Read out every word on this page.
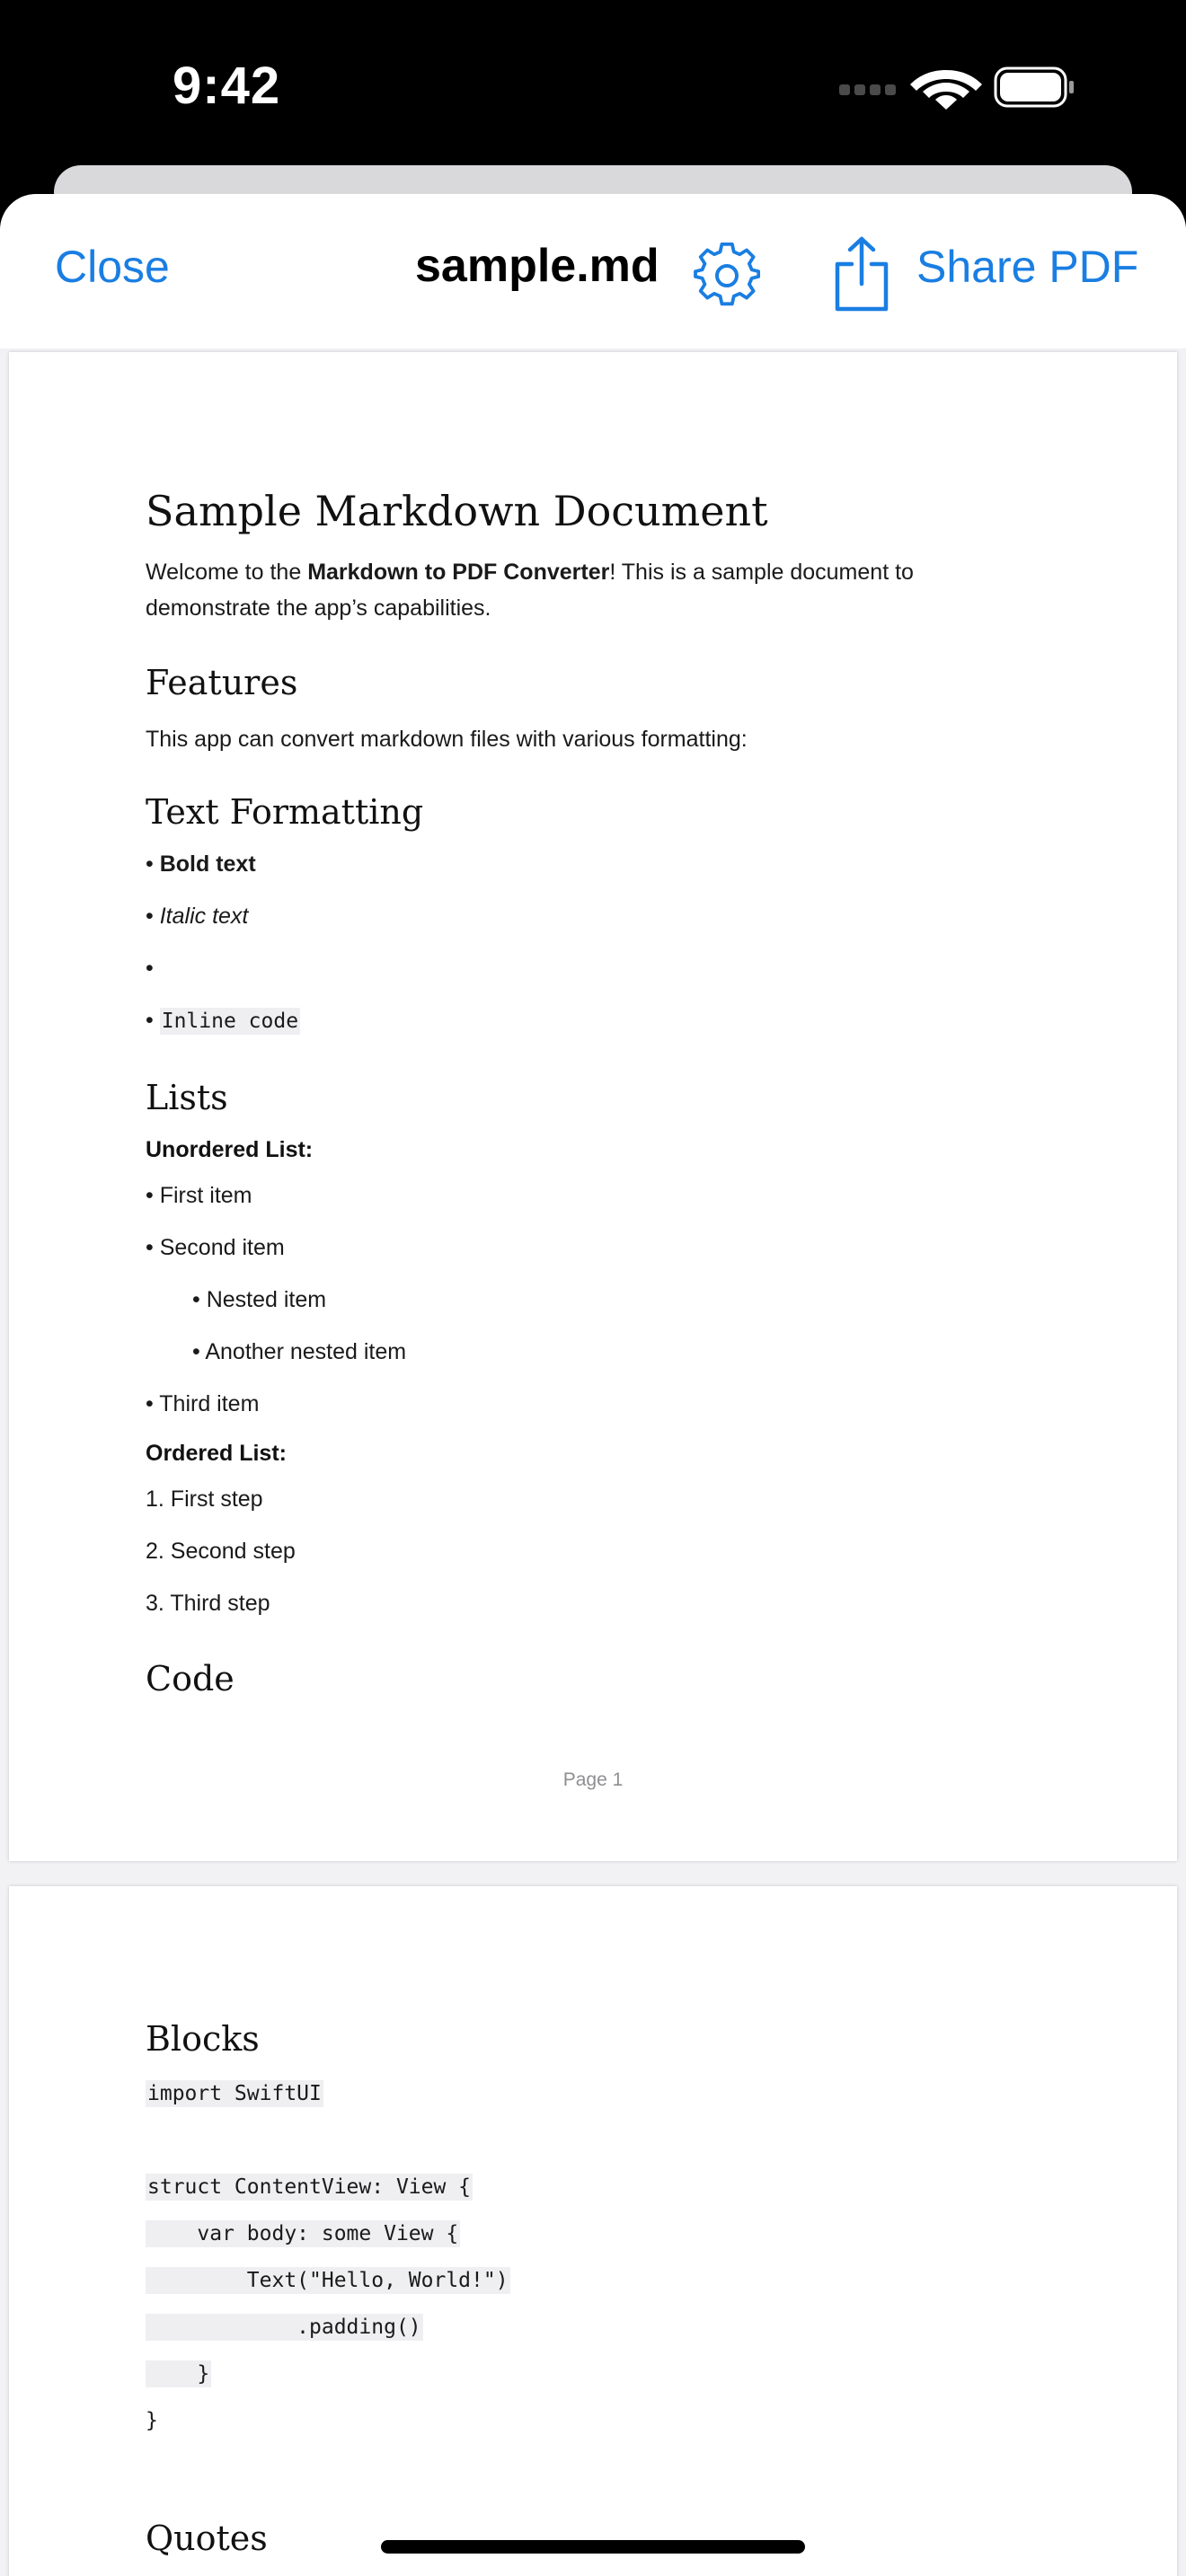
9:42
Close	sample.md	Share PDF
Sample Markdown Document
Welcome to the Markdown to PDF Converter! This is a sample document to
demonstrate the app’s capabilities.
Features
This app can convert markdown files with various formatting:
Text Formatting
• Bold text
• Italic text
•
• Inline code
Lists
Unordered List:
• First item
• Second item
• Nested item
• Another nested item
• Third item
Ordered List:
1. First step
2. Second step
3. Third step
Code
Page 1
Blocks
import SwiftUI
struct ContentView: View {
var body: some View {
Text("Hello, World!")
.padding()
}
}
Quotes
